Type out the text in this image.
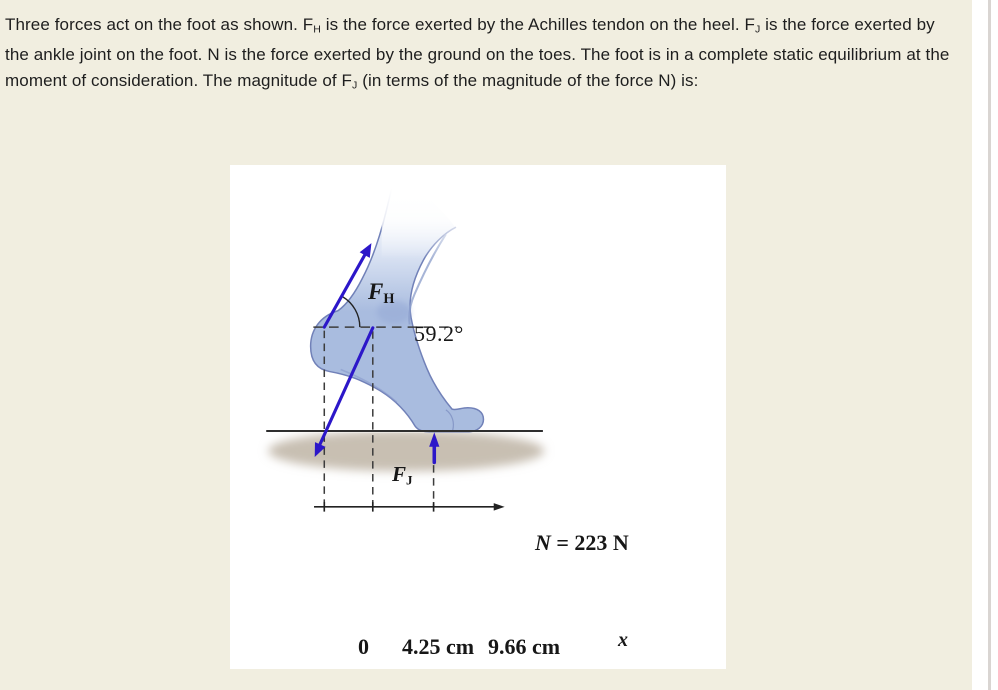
Three forces act on the foot as shown. $F_H$ is the force exerted by the Achilles tendon on the heel. $F_J$ is the force exerted by the ankle joint on the foot. N is the force exerted by the ground on the toes. The foot is in a complete static equilibrium at the moment of consideration. The magnitude of $F_J$ (in terms of the magnitude of the force N) is:
$F_H$
59.2°
$F_J$
N = 223 N
0 4.25 cm 9.66 cm	x
